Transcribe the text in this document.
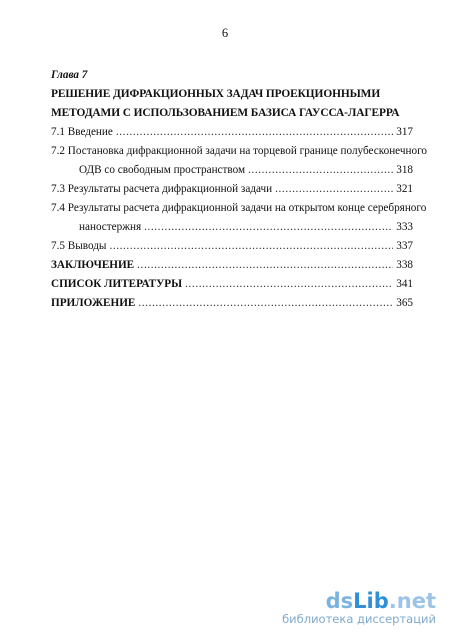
6
Глава 7
РЕШЕНИЕ ДИФРАКЦИОННЫХ ЗАДАЧ ПРОЕКЦИОННЫМИ
МЕТОДАМИ С ИСПОЛЬЗОВАНИЕМ БАЗИСА ГАУССА-ЛАГЕРРА
7.1 Введение .....	317
7.2 Постановка дифракционной задачи на торцевой границе полубесконечного
ОДВ со свободным пространством .....	318
7.3 Результаты расчета дифракционной задачи .....	321
7.4 Результаты расчета дифракционной задачи на открытом конце серебряного
наностержня .....	333
7.5 Выводы .....	337
ЗАКЛЮЧЕНИЕ .....	338
СПИСОК ЛИТЕРАТУРЫ .....	341
ПРИЛОЖЕНИЕ .....	365
dsLib.net
библиотека диссертаций
